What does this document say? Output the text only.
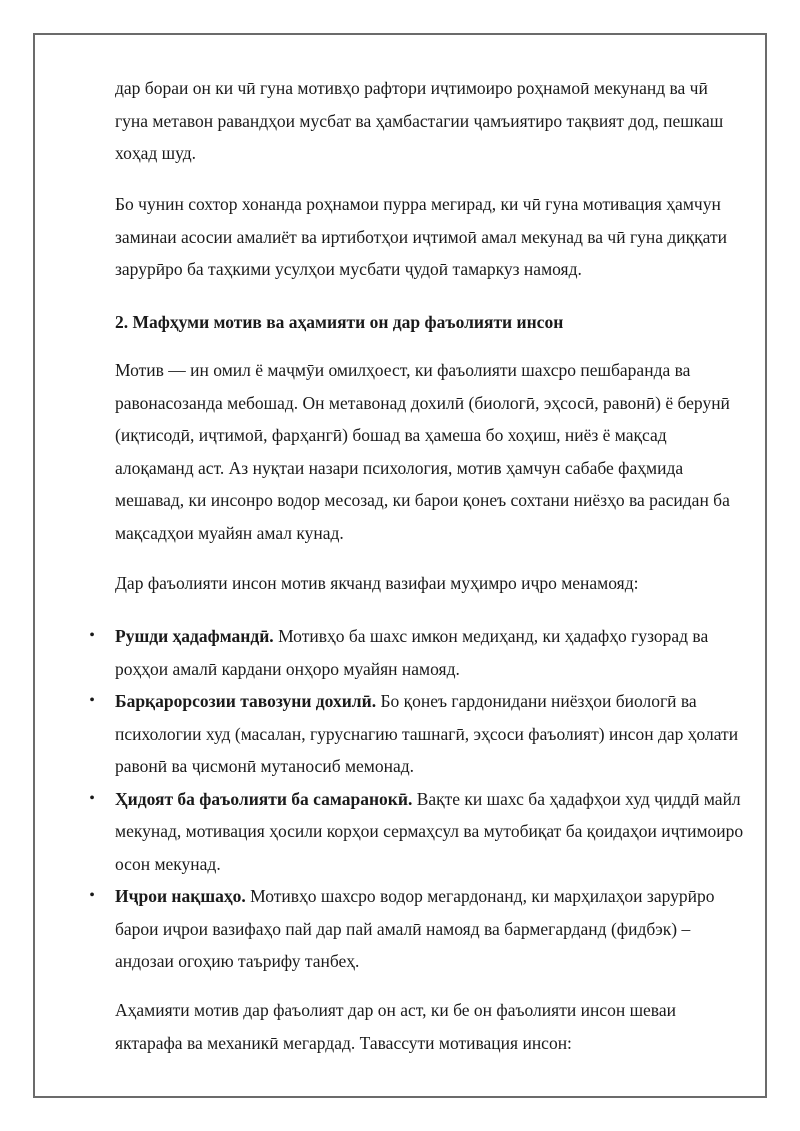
дар бораи он ки чӣ гуна мотивҳо рафтори иҷтимоиро роҳнамоӣ мекунанд ва чӣ гуна метавон равандҳои мусбат ва ҳамбастагии ҷамъиятиро тақвият дод, пешкаш хоҳад шуд.

Бо чунин сохтор хонанда роҳнамои пурра мегирад, ки чӣ гуна мотивация ҳамчун заминаи асосии амалиёт ва иртиботҳои иҷтимоӣ амал мекунад ва чӣ гуна диққати зарурӣро ба таҳкими усулҳои мусбати ҷудоӣ тамаркуз намояд.

2. Мафҳуми мотив ва аҳамияти он дар фаъолияти инсон

Мотив — ин омил ё маҷмӯи омилҳоест, ки фаъолияти шахсро пешбаранда ва равонасозанда мебошад. Он метавонад дохилӣ (биологӣ, эҳсосӣ, равонӣ) ё берунӣ (иқтисодӣ, иҷтимоӣ, фарҳангӣ) бошад ва ҳамеша бо хоҳиш, ниёз ё мақсад алоқаманд аст. Аз нуқтаи назари психология, мотив ҳамчун сабабе фаҳмида мешавад, ки инсонро водор месозад, ки барои қонеъ сохтани ниёзҳо ва расидан ба мақсадҳои муайян амал кунад.

Дар фаъолияти инсон мотив якчанд вазифаи муҳимро иҷро менамояд:

• Рушди ҳадафмандӣ. Мотивҳо ба шахс имкон медиҳанд, ки ҳадафҳо гузорад ва роҳҳои амалӣ кардани онҳоро муайян намояд.
• Барқарорсозии тавозуни дохилӣ. Бо қонеъ гардонидани ниёзҳои биологӣ ва психологии худ (масалан, гуруснагию ташнагӣ, эҳсоси фаъолият) инсон дар ҳолати равонӣ ва ҷисмонӣ мутаносиб мемонад.
• Ҳидоят ба фаъолияти ба самаранокӣ. Вақте ки шахс ба ҳадафҳои худ ҷиддӣ майл мекунад, мотивация ҳосили корҳои сермаҳсул ва мутобиқат ба қоидаҳои иҷтимоиро осон мекунад.
• Иҷрои нақшаҳо. Мотивҳо шахсро водор мегардонанд, ки марҳилаҳои зарурӣро барои иҷрои вазифаҳо пай дар пай амалӣ намояд ва бармегарданд (фидбэк) – андозаи огоҳию таърифу танбеҳ.

Аҳамияти мотив дар фаъолият дар он аст, ки бе он фаъолияти инсон шеваи яктарафа ва механикӣ мегардад. Тавассути мотивация инсон:
